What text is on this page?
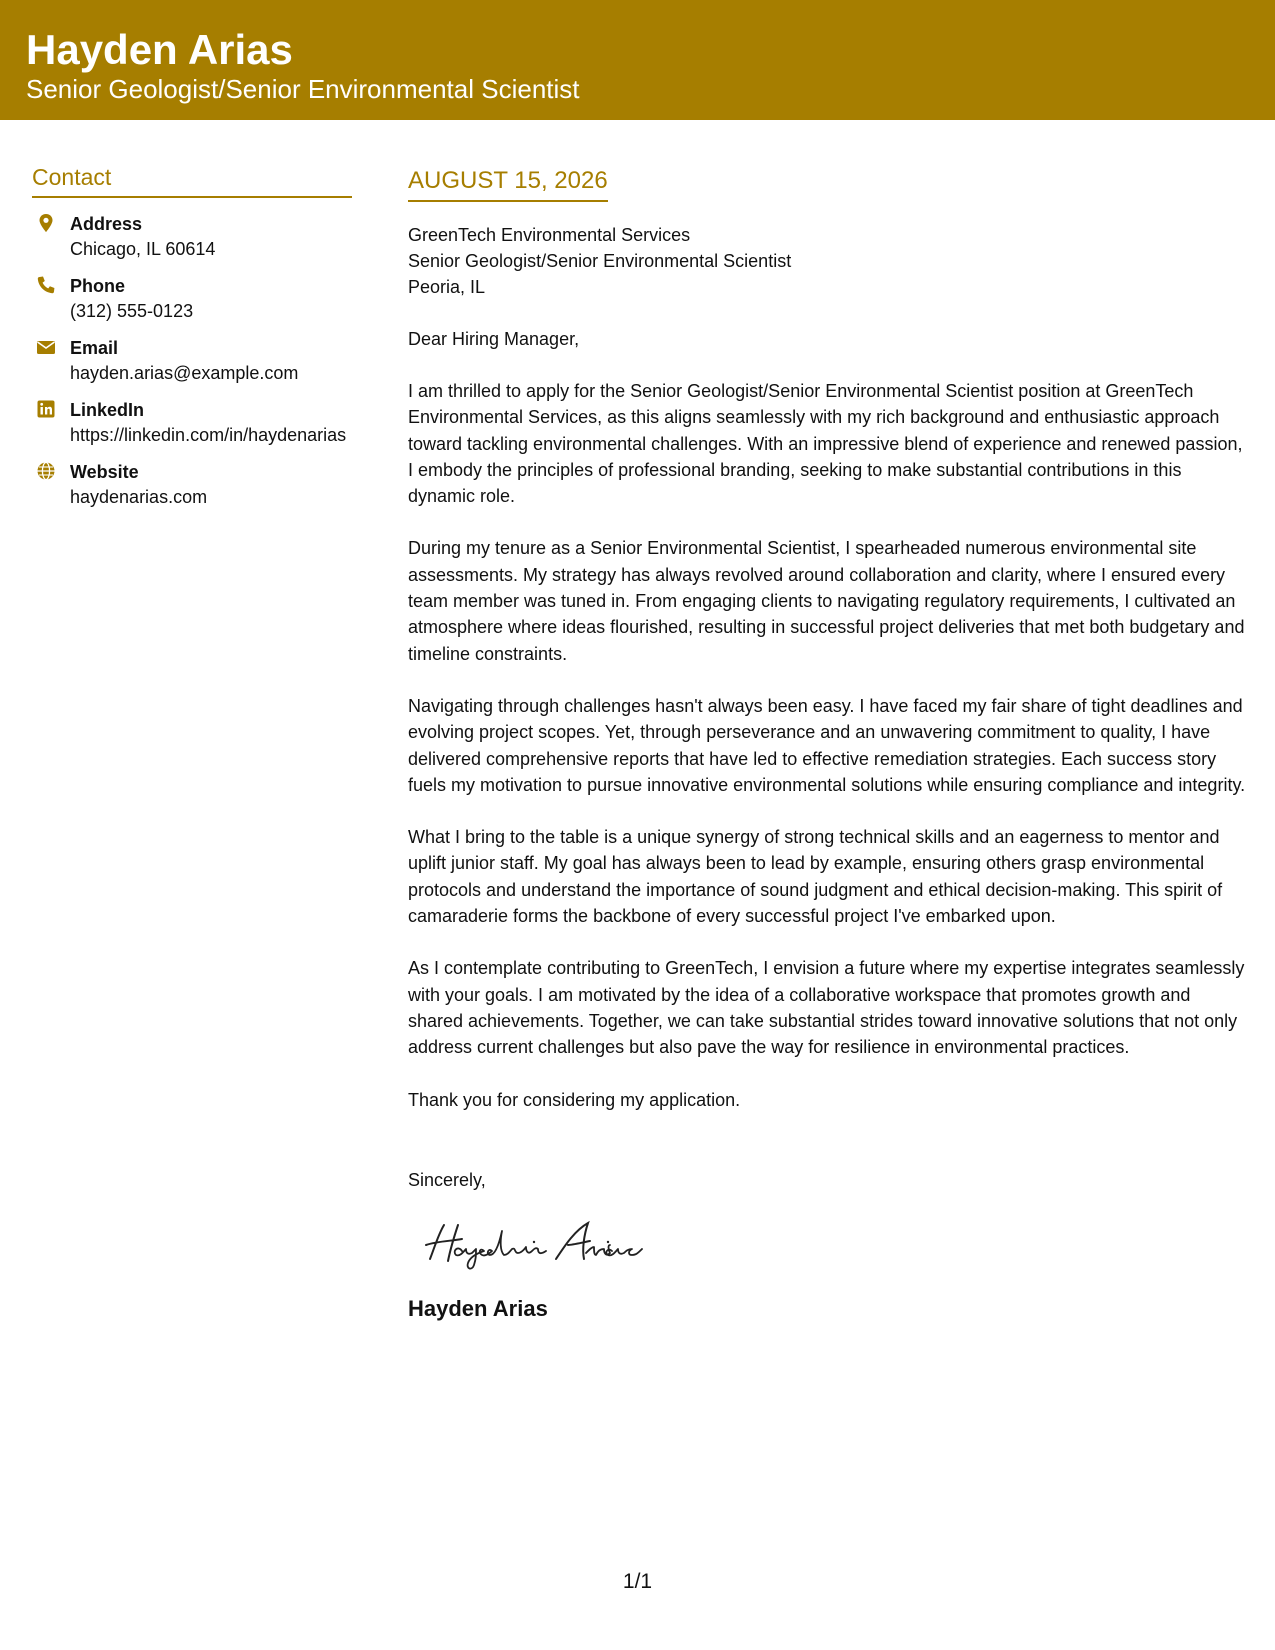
Hayden Arias
Senior Geologist/Senior Environmental Scientist
Contact
Address
Chicago, IL 60614
Phone
(312) 555-0123
Email
hayden.arias@example.com
LinkedIn
https://linkedin.com/in/haydenarias
Website
haydenarias.com
AUGUST 15, 2026
GreenTech Environmental Services
Senior Geologist/Senior Environmental Scientist
Peoria, IL
Dear Hiring Manager,

I am thrilled to apply for the Senior Geologist/Senior Environmental Scientist position at GreenTech Environmental Services, as this aligns seamlessly with my rich background and enthusiastic approach toward tackling environmental challenges. With an impressive blend of experience and renewed passion, I embody the principles of professional branding, seeking to make substantial contributions in this dynamic role.

During my tenure as a Senior Environmental Scientist, I spearheaded numerous environmental site assessments. My strategy has always revolved around collaboration and clarity, where I ensured every team member was tuned in. From engaging clients to navigating regulatory requirements, I cultivated an atmosphere where ideas flourished, resulting in successful project deliveries that met both budgetary and timeline constraints.

Navigating through challenges hasn't always been easy. I have faced my fair share of tight deadlines and evolving project scopes. Yet, through perseverance and an unwavering commitment to quality, I have delivered comprehensive reports that have led to effective remediation strategies. Each success story fuels my motivation to pursue innovative environmental solutions while ensuring compliance and integrity.

What I bring to the table is a unique synergy of strong technical skills and an eagerness to mentor and uplift junior staff. My goal has always been to lead by example, ensuring others grasp environmental protocols and understand the importance of sound judgment and ethical decision-making. This spirit of camaraderie forms the backbone of every successful project I've embarked upon.

As I contemplate contributing to GreenTech, I envision a future where my expertise integrates seamlessly with your goals. I am motivated by the idea of a collaborative workspace that promotes growth and shared achievements. Together, we can take substantial strides toward innovative solutions that not only address current challenges but also pave the way for resilience in environmental practices.

Thank you for considering my application.

Sincerely,
Hayden Arias
1/1
